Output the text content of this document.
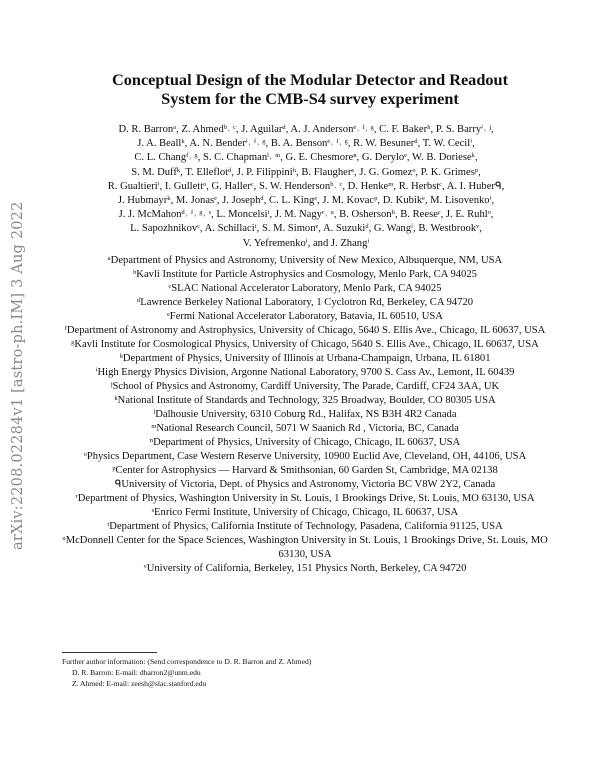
arXiv:2208.02284v1 [astro-ph.IM] 3 Aug 2022
Conceptual Design of the Modular Detector and Readout
System for the CMB-S4 survey experiment
D. R. Barronᵃ, Z. Ahmedᵇ˒ ᶜ, J. Aguilarᵈ, A. J. Andersonᵉ˒ ᶠ˒ ᵍ, C. F. Bakerʰ, P. S. Barryⁱ˒ ʲ,
J. A. Beallᵏ, A. N. Benderⁱ˒ ᶠ˒ ᵍ, B. A. Bensonᵉ˒ ᶠ˒ ᵍ, R. W. Besunerᵈ, T. W. Cecilⁱ,
C. L. Changᶠ˒ ᵍ, S. C. Chapmanˡ˒ ᵐ, G. E. Chesmoreⁿ, G. Deryloᵉ, W. B. Dorieseᵏ,
S. M. Duffᵏ, T. Elleflotᵈ, J. P. Filippiniʰ, B. Flaugherᵉ, J. G. Gomezᵒ, P. K. Grimesᵖ,
R. Gualtieriⁱ, I. Gullettᵒ, G. Hallerᶜ, S. W. Hendersonᵇ˒ ᶜ, D. Henkeᵐ, R. Herbstᶜ, A. I. Huberᑫ,
J. Hubmayrᵏ, M. Jonasᵉ, J. Josephᵈ, C. L. Kingᵉ, J. M. Kovacᵖ, D. Kubikᵉ, M. Lisovenkoⁱ,
J. J. McMahonᵈ˒ ᶠ˒ ᵍ˒ ˢ, L. Moncelsiᵗ, J. M. Nagyʳ˒ ᵘ, B. Oshersonʰ, B. Reeseᶜ, J. E. Ruhlᵒ,
L. Sapozhnikovᶜ, A. Schillaciᵗ, S. M. Simonᵉ, A. Suzukiᵈ, G. Wangⁱ, B. Westbrookᵛ,
V. Yefremenkoⁱ, and J. Zhangⁱ

ᵃDepartment of Physics and Astronomy, University of New Mexico, Albuquerque, NM, USA

ᵇKavli Institute for Particle Astrophysics and Cosmology, Menlo Park, CA 94025

ᶜSLAC National Accelerator Laboratory, Menlo Park, CA 94025

ᵈLawrence Berkeley National Laboratory, 1 Cyclotron Rd, Berkeley, CA 94720

ᵉFermi National Accelerator Laboratory, Batavia, IL 60510, USA

ᶠDepartment of Astronomy and Astrophysics, University of Chicago, 5640 S. Ellis Ave., Chicago, IL 60637, USA

ᵍKavli Institute for Cosmological Physics, University of Chicago, 5640 S. Ellis Ave., Chicago, IL 60637, USA

ʰDepartment of Physics, University of Illinois at Urbana-Champaign, Urbana, IL 61801

ⁱHigh Energy Physics Division, Argonne National Laboratory, 9700 S. Cass Av., Lemont, IL 60439

ʲSchool of Physics and Astronomy, Cardiff University, The Parade, Cardiff, CF24 3AA, UK

ᵏNational Institute of Standards and Technology, 325 Broadway, Boulder, CO 80305 USA

ˡDalhousie University, 6310 Coburg Rd., Halifax, NS B3H 4R2 Canada

ᵐNational Research Council, 5071 W Saanich Rd , Victoria, BC, Canada

ⁿDepartment of Physics, University of Chicago, Chicago, IL 60637, USA

ᵒPhysics Department, Case Western Reserve University, 10900 Euclid Ave, Cleveland, OH, 44106, USA

ᵖCenter for Astrophysics — Harvard & Smithsonian, 60 Garden St, Cambridge, MA 02138

ᑫUniversity of Victoria, Dept. of Physics and Astronomy, Victoria BC V8W 2Y2, Canada

ʳDepartment of Physics, Washington University in St. Louis, 1 Brookings Drive, St. Louis, MO 63130, USA

ˢEnrico Fermi Institute, University of Chicago, Chicago, IL 60637, USA

ᵗDepartment of Physics, California Institute of Technology, Pasadena, California 91125, USA

ᵘMcDonnell Center for the Space Sciences, Washington University in St. Louis, 1 Brookings Drive, St. Louis, MO 63130, USA

ᵛUniversity of California, Berkeley, 151 Physics North, Berkeley, CA 94720

Further author information: (Send correspondence to D. R. Barron and Z. Ahmed)

D. R. Barron: E-mail: dbarron2@unm.edu

Z. Ahmed: E-mail: zeesh@slac.stanford.edu
